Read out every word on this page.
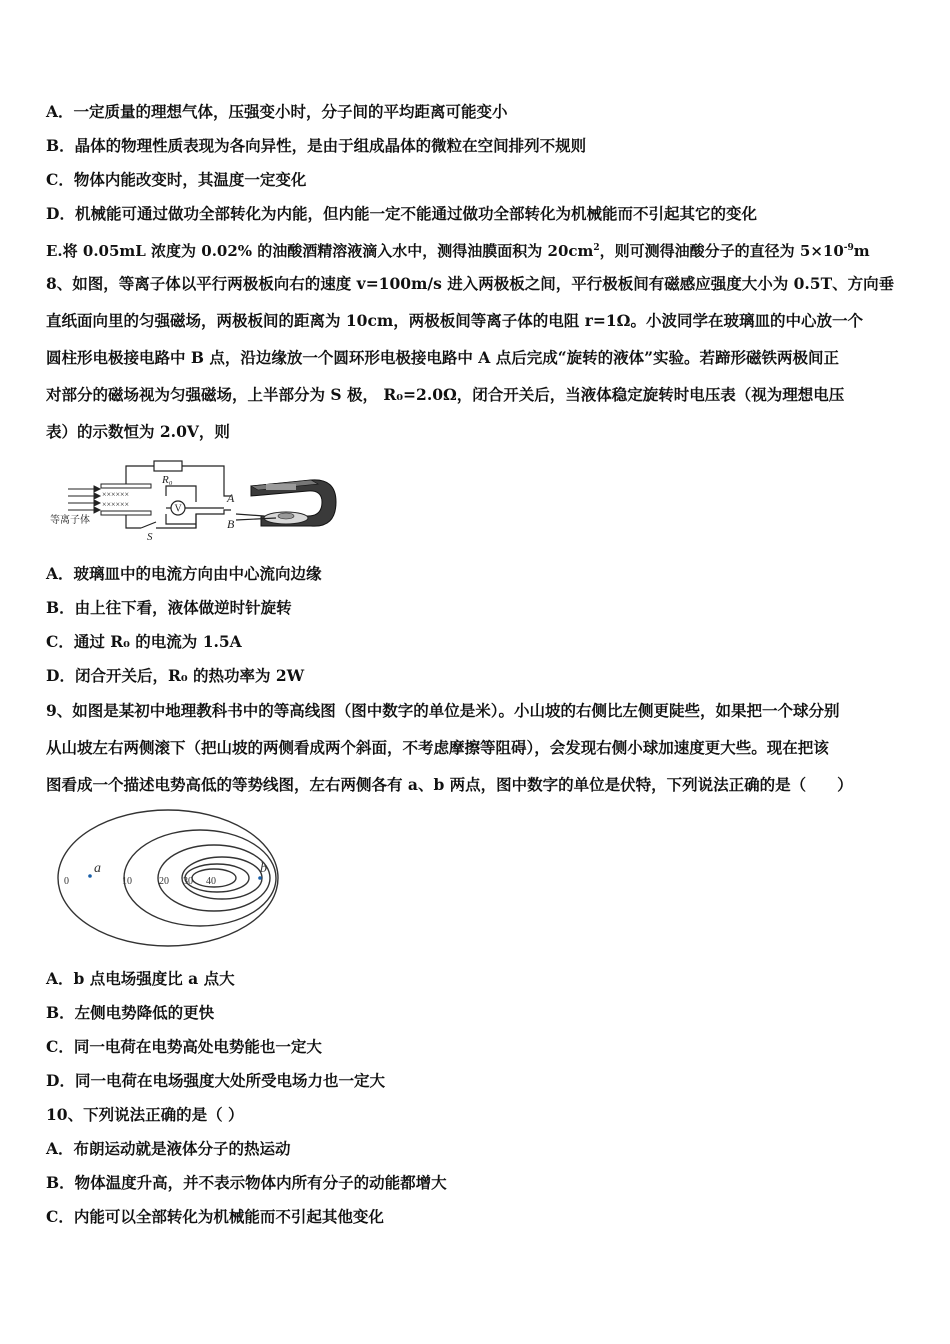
A．一定质量的理想气体，压强变小时，分子间的平均距离可能变小
B．晶体的物理性质表现为各向异性，是由于组成晶体的微粒在空间排列不规则
C．物体内能改变时，其温度一定变化
D．机械能可通过做功全部转化为内能，但内能一定不能通过做功全部转化为机械能而不引起其它的变化
E.将 0.05mL 浓度为 0.02% 的油酸酒精溶液滴入水中，测得油膜面积为 $20cm^2$，则可测得油酸分子的直径为 $5\times 10^{-9}m$
8、如图，等离子体以平行两极板向右的速度 v=100m/s 进入两极板之间，平行极板间有磁感应强度大小为 0.5T、方向垂
直纸面向里的匀强磁场，两极板间的距离为 10cm，两极板间等离子体的电阻 r=1Ω。小波同学在玻璃皿的中心放一个
圆柱形电极接电路中 B 点，沿边缘放一个圆环形电极接电路中 A 点后完成“旋转的液体”实验。若蹄形磁铁两极间正
对部分的磁场视为匀强磁场，上半部分为 S 极， R₀=2.0Ω，闭合开关后，当液体稳定旋转时电压表（视为理想电压
表）的示数恒为 2.0V，则
××××××
××××××
等离子体
V
R₀
A
B
S
A．玻璃皿中的电流方向由中心流向边缘
B．由上往下看，液体做逆时针旋转
C．通过 R₀ 的电流为 1.5A
D．闭合开关后，R₀ 的热功率为 2W
9、如图是某初中地理教科书中的等高线图（图中数字的单位是米）。小山坡的右侧比左侧更陡些，如果把一个球分别
从山坡左右两侧滚下（把山坡的两侧看成两个斜面，不考虑摩擦等阻碍），会发现右侧小球加速度更大些。现在把该
图看成一个描述电势高低的等势线图，左右两侧各有 a、b 两点，图中数字的单位是伏特，下列说法正确的是（　　）
0	10	20 30 40
a	b
A．b 点电场强度比 a 点大
B．左侧电势降低的更快
C．同一电荷在电势高处电势能也一定大
D．同一电荷在电场强度大处所受电场力也一定大
10、下列说法正确的是（ ）
A．布朗运动就是液体分子的热运动
B．物体温度升高，并不表示物体内所有分子的动能都增大
C．内能可以全部转化为机械能而不引起其他变化
